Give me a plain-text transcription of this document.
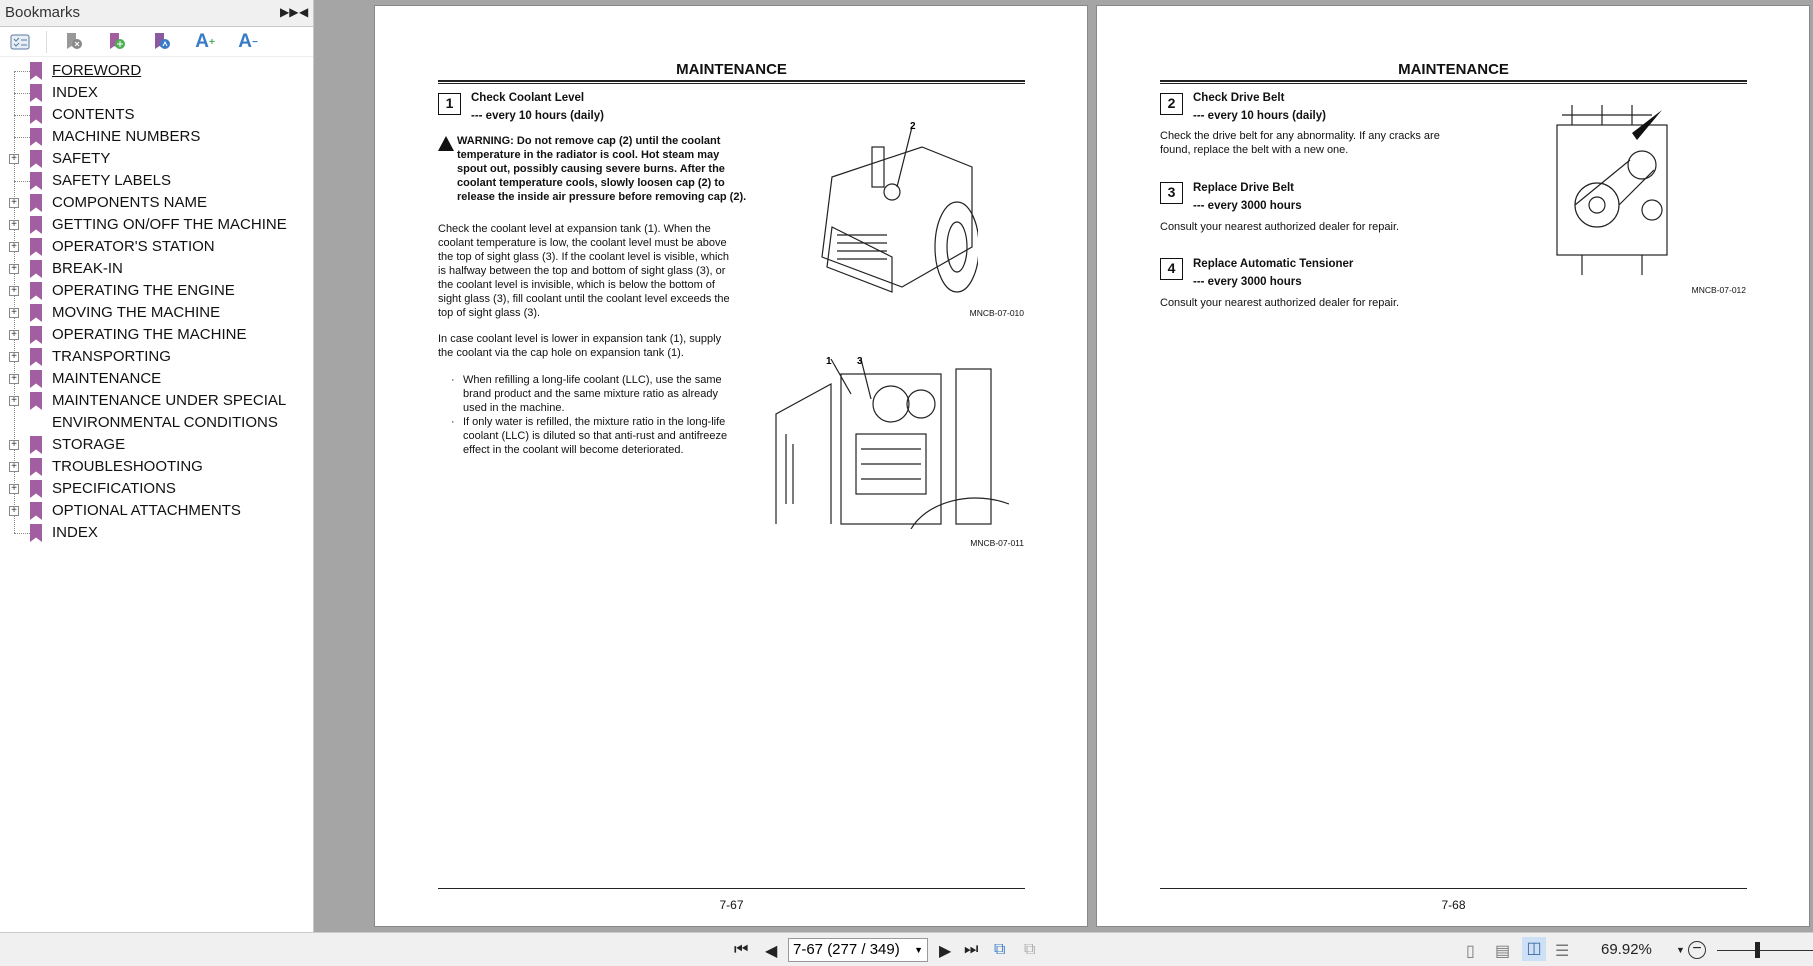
Bookmarks	▶▶ ◀
A + A −
FOREWORD
INDEX
CONTENTS
MACHINE NUMBERS
+ SAFETY
SAFETY LABELS
+ COMPONENTS NAME
+ GETTING ON/OFF THE MACHINE
+ OPERATOR'S STATION
+ BREAK-IN
+ OPERATING THE ENGINE
+ MOVING THE MACHINE
+ OPERATING THE MACHINE
+ TRANSPORTING
+ MAINTENANCE
+ MAINTENANCE UNDER SPECIAL
ENVIRONMENTAL CONDITIONS
+ STORAGE
+ TROUBLESHOOTING
+ SPECIFICATIONS
+ OPTIONAL ATTACHMENTS
INDEX
MAINTENANCE
1	Check Coolant Level
--- every 10 hours (daily)
WARNING: Do not remove cap (2) until the coolant temperature in the radiator is cool. Hot steam may spout out, possibly causing severe burns. After the coolant temperature cools, slowly loosen cap (2) to release the inside air pressure before removing cap (2).
Check the coolant level at expansion tank (1). When the coolant temperature is low, the coolant level must be above the top of sight glass (3). If the coolant level is visible, which is halfway between the top and bottom of sight glass (3), or the coolant level is invisible, which is below the bottom of sight glass (3), fill coolant until the coolant level exceeds the top of sight glass (3).
In case coolant level is lower in expansion tank (1), supply the coolant via the cap hole on expansion tank (1).
· When refilling a long-life coolant (LLC), use the same brand product and the same mixture ratio as already used in the machine.
· If only water is refilled, the mixture ratio in the long-life coolant (LLC) is diluted so that anti-rust and antifreeze effect in the coolant will become deteriorated.
2
MNCB-07-010
1	3
MNCB-07-011
7-67
MAINTENANCE
2	Check Drive Belt
--- every 10 hours (daily)
Check the drive belt for any abnormality. If any cracks are found, replace the belt with a new one.
3	Replace Drive Belt
--- every 3000 hours
Consult your nearest authorized dealer for repair.
4	Replace Automatic Tensioner
--- every 3000 hours
Consult your nearest authorized dealer for repair.
MNCB-07-012
7-68
⏮ ◀	7-67 (277 / 349) ▼ ▶ ⏭ ⧉ ⧉	▯ ▤ ◫ ☰ 69.92%	▼ −
